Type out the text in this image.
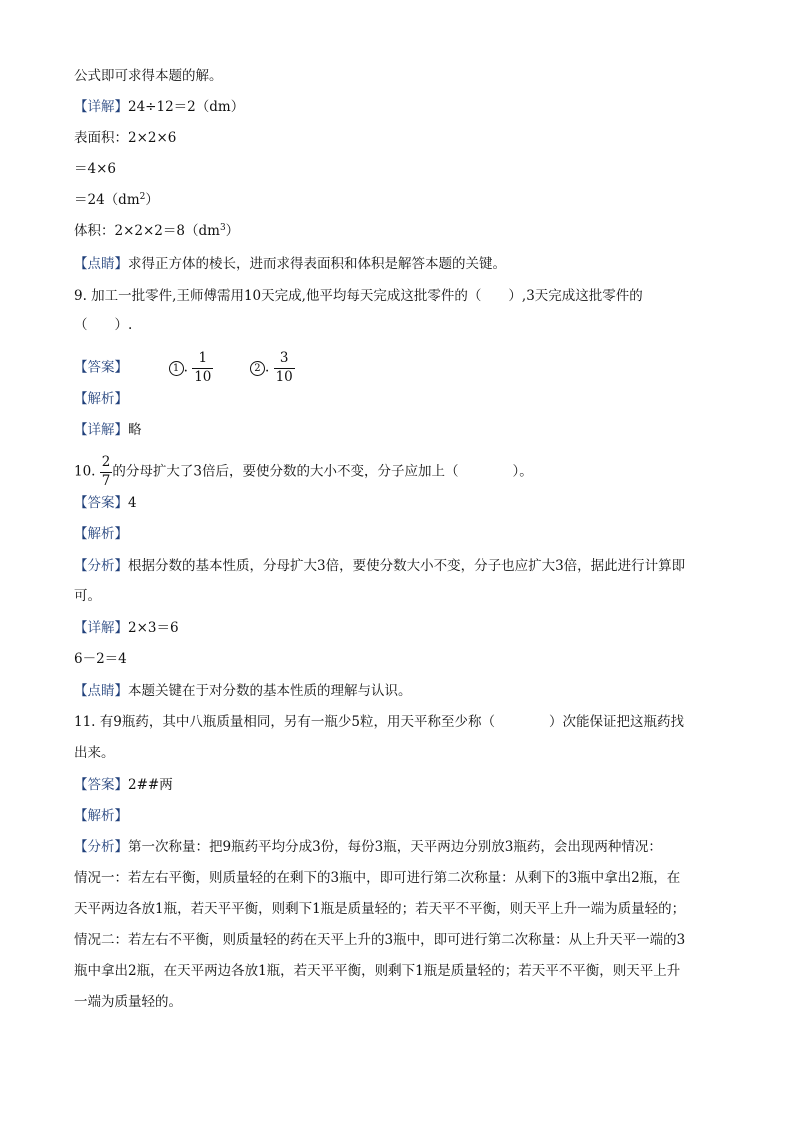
公式即可求得本题的解。
【详解】24÷12＝2（dm）
表面积：2×2×6
＝4×6
$=24(dm^2)$
体积：$2\times 2\times 2=8(dm^3)$
【点睛】求得正方体的棱长，进而求得表面积和体积是解答本题的关键。
9. 加工一批零件,王师傅需用10天完成,他平均每天完成这批零件的（　　）,3天完成这批零件的
（　　）.
【答案】	1 . $\frac{1}{10}$	2 . $\frac{3}{10}$
【解析】
【详解】略
10. $\frac{2}{7}$ 的分母扩大了3倍后，要使分数的大小不变，分子应加上（　　　　）。
【答案】4
【解析】
【分析】根据分数的基本性质，分母扩大3倍，要使分数大小不变，分子也应扩大3倍，据此进行计算即
可。
【详解】2×3＝6
6－2＝4
【点睛】本题关键在于对分数的基本性质的理解与认识。
11. 有9瓶药，其中八瓶质量相同，另有一瓶少5粒，用天平称至少称（　　　　）次能保证把这瓶药找
出来。
【答案】2##两
【解析】
【分析】第一次称量：把9瓶药平均分成3份，每份3瓶，天平两边分别放3瓶药，会出现两种情况：
情况一：若左右平衡，则质量轻的在剩下的3瓶中，即可进行第二次称量：从剩下的3瓶中拿出2瓶，在
天平两边各放1瓶，若天平平衡，则剩下1瓶是质量轻的；若天平不平衡，则天平上升一端为质量轻的；
情况二：若左右不平衡，则质量轻的药在天平上升的3瓶中，即可进行第二次称量：从上升天平一端的3
瓶中拿出2瓶，在天平两边各放1瓶，若天平平衡，则剩下1瓶是质量轻的；若天平不平衡，则天平上升
一端为质量轻的。
